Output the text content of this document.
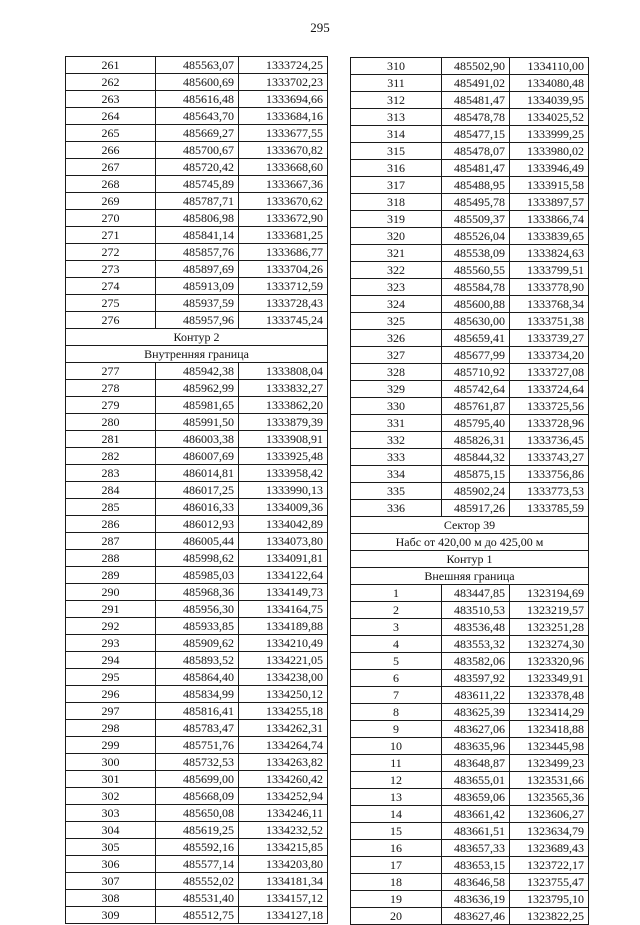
295
261	485563,07	1333724,25
262	485600,69	1333702,23
263	485616,48	1333694,66
264	485643,70	1333684,16
265	485669,27	1333677,55
266	485700,67	1333670,82
267	485720,42	1333668,60
268	485745,89	1333667,36
269	485787,71	1333670,62
270	485806,98	1333672,90
271	485841,14	1333681,25
272	485857,76	1333686,77
273	485897,69	1333704,26
274	485913,09	1333712,59
275	485937,59	1333728,43
276	485957,96	1333745,24
Контур 2		
Внутренняя граница		
277	485942,38	1333808,04
278	485962,99	1333832,27
279	485981,65	1333862,20
280	485991,50	1333879,39
281	486003,38	1333908,91
282	486007,69	1333925,48
283	486014,81	1333958,42
284	486017,25	1333990,13
285	486016,33	1334009,36
286	486012,93	1334042,89
287	486005,44	1334073,80
288	485998,62	1334091,81
289	485985,03	1334122,64
290	485968,36	1334149,73
291	485956,30	1334164,75
292	485933,85	1334189,88
293	485909,62	1334210,49
294	485893,52	1334221,05
295	485864,40	1334238,00
296	485834,99	1334250,12
297	485816,41	1334255,18
298	485783,47	1334262,31
299	485751,76	1334264,74
300	485732,53	1334263,82
301	485699,00	1334260,42
302	485668,09	1334252,94
303	485650,08	1334246,11
304	485619,25	1334232,52
305	485592,16	1334215,85
306	485577,14	1334203,80
307	485552,02	1334181,34
308	485531,40	1334157,12
309	485512,75	1334127,18
310	485502,90	1334110,00
311	485491,02	1334080,48
312	485481,47	1334039,95
313	485478,78	1334025,52
314	485477,15	1333999,25
315	485478,07	1333980,02
316	485481,47	1333946,49
317	485488,95	1333915,58
318	485495,78	1333897,57
319	485509,37	1333866,74
320	485526,04	1333839,65
321	485538,09	1333824,63
322	485560,55	1333799,51
323	485584,78	1333778,90
324	485600,88	1333768,34
325	485630,00	1333751,38
326	485659,41	1333739,27
327	485677,99	1333734,20
328	485710,92	1333727,08
329	485742,64	1333724,64
330	485761,87	1333725,56
331	485795,40	1333728,96
332	485826,31	1333736,45
333	485844,32	1333743,27
334	485875,15	1333756,86
335	485902,24	1333773,53
336	485917,26	1333785,59
Сектор 39		
Набс от 420,00 м до 425,00 м		
Контур 1		
Внешняя граница		
1	483447,85	1323194,69
2	483510,53	1323219,57
3	483536,48	1323251,28
4	483553,32	1323274,30
5	483582,06	1323320,96
6	483597,92	1323349,91
7	483611,22	1323378,48
8	483625,39	1323414,29
9	483627,06	1323418,88
10	483635,96	1323445,98
11	483648,87	1323499,23
12	483655,01	1323531,66
13	483659,06	1323565,36
14	483661,42	1323606,27
15	483661,51	1323634,79
16	483657,33	1323689,43
17	483653,15	1323722,17
18	483646,58	1323755,47
19	483636,19	1323795,10
20	483627,46	1323822,25
